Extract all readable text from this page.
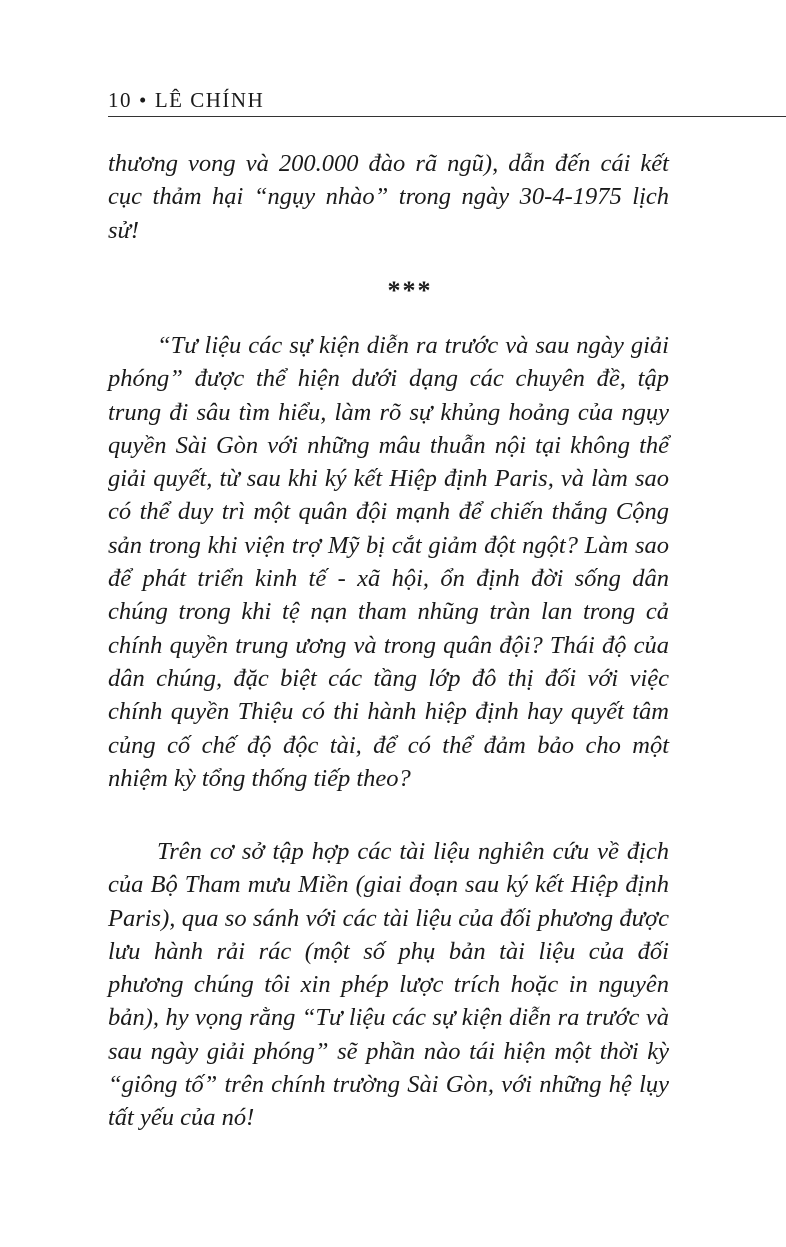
10 • LÊ CHÍNH

thương vong và 200.000 đào rã ngũ), dẫn đến cái kết cục thảm hại “ngụy nhào” trong ngày 30-4-1975 lịch sử!

***

“Tư liệu các sự kiện diễn ra trước và sau ngày giải phóng” được thể hiện dưới dạng các chuyên đề, tập trung đi sâu tìm hiểu, làm rõ sự khủng hoảng của ngụy quyền Sài Gòn với những mâu thuẫn nội tại không thể giải quyết, từ sau khi ký kết Hiệp định Paris, và làm sao có thể duy trì một quân đội mạnh để chiến thắng Cộng sản trong khi viện trợ Mỹ bị cắt giảm đột ngột? Làm sao để phát triển kinh tế - xã hội, ổn định đời sống dân chúng trong khi tệ nạn tham nhũng tràn lan trong cả chính quyền trung ương và trong quân đội? Thái độ của dân chúng, đặc biệt các tầng lớp đô thị đối với việc chính quyền Thiệu có thi hành hiệp định hay quyết tâm củng cố chế độ độc tài, để có thể đảm bảo cho một nhiệm kỳ tổng thống tiếp theo?

Trên cơ sở tập hợp các tài liệu nghiên cứu về địch của Bộ Tham mưu Miền (giai đoạn sau ký kết Hiệp định Paris), qua so sánh với các tài liệu của đối phương được lưu hành rải rác (một số phụ bản tài liệu của đối phương chúng tôi xin phép lược trích hoặc in nguyên bản), hy vọng rằng “Tư liệu các sự kiện diễn ra trước và sau ngày giải phóng” sẽ phần nào tái hiện một thời kỳ “giông tố” trên chính trường Sài Gòn, với những hệ lụy tất yếu của nó!
